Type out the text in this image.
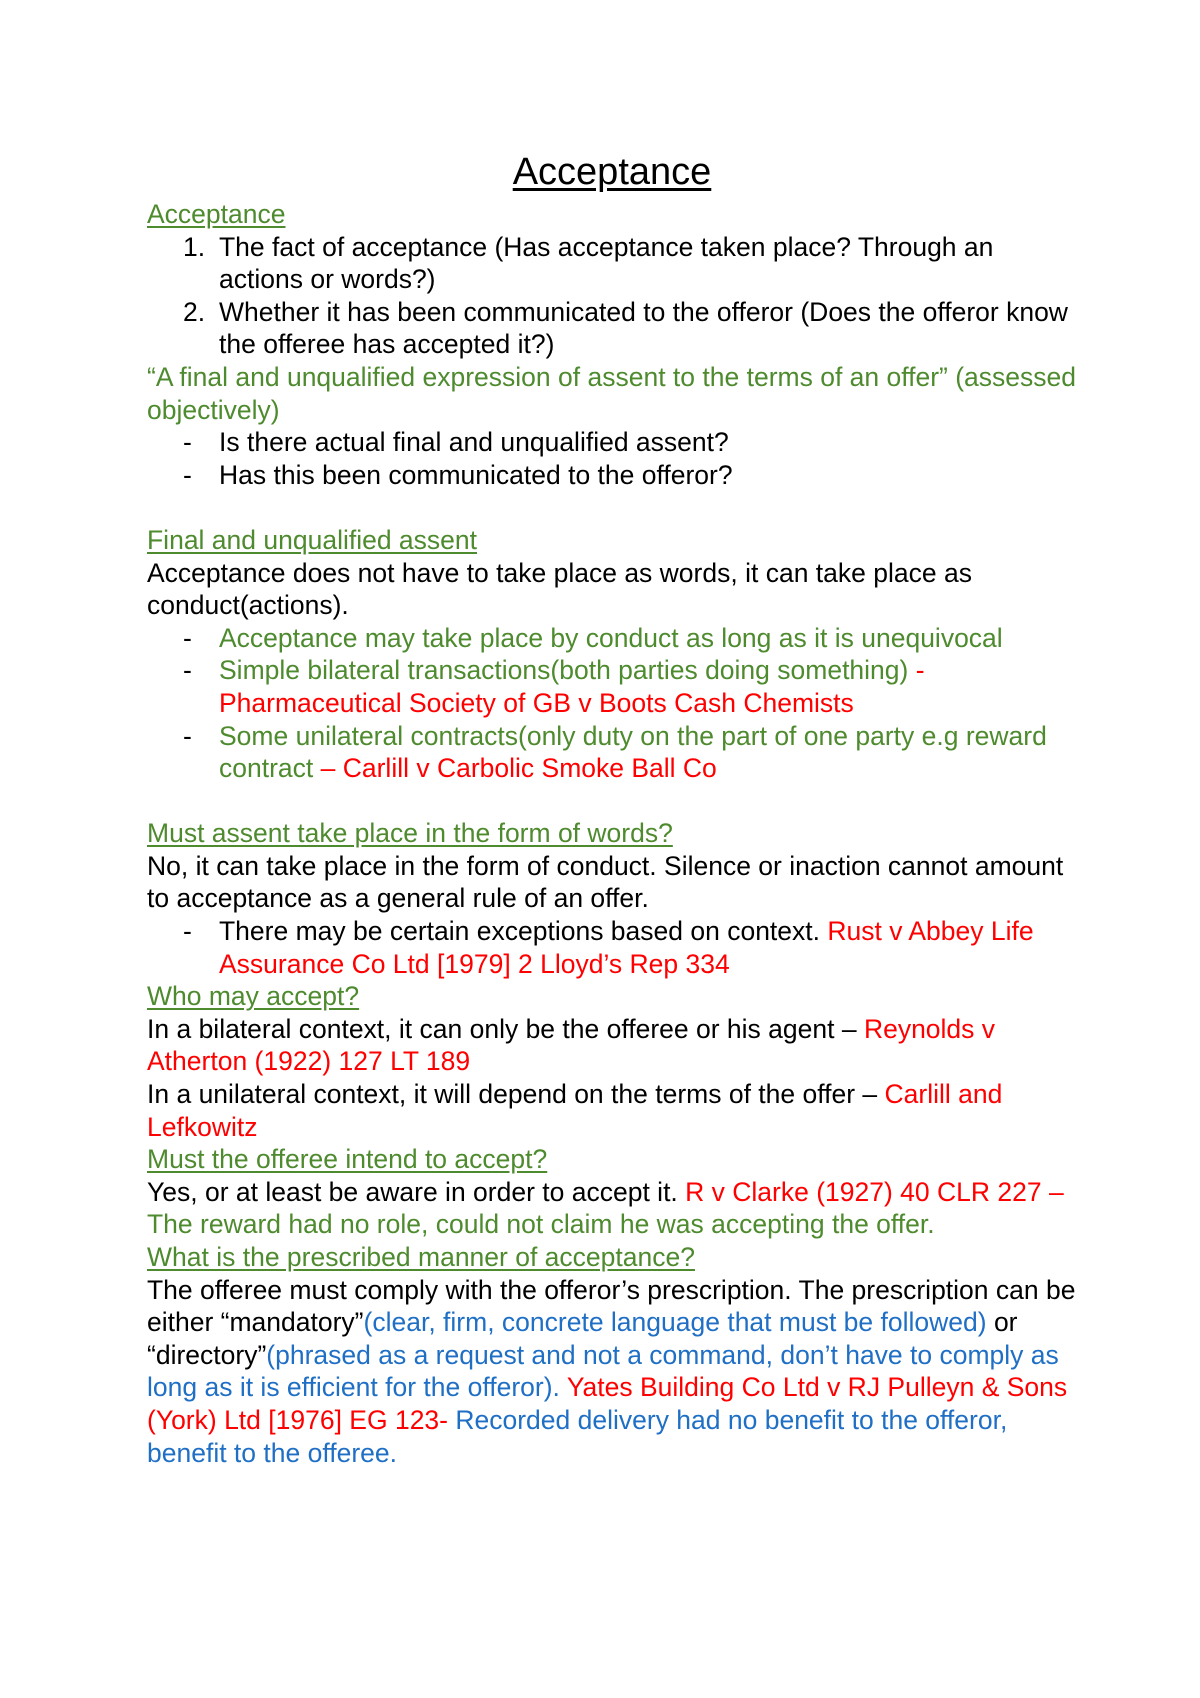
Acceptance

Acceptance

1. The fact of acceptance (Has acceptance taken place? Through an actions or words?)
2. Whether it has been communicated to the offeror (Does the offeror know the offeree has accepted it?)

“A final and unqualified expression of assent to the terms of an offer” (assessed objectively)

- Is there actual final and unqualified assent?
- Has this been communicated to the offeror?

Final and unqualified assent

Acceptance does not have to take place as words, it can take place as conduct(actions).

- Acceptance may take place by conduct as long as it is unequivocal
- Simple bilateral transactions(both parties doing something) - Pharmaceutical Society of GB v Boots Cash Chemists
- Some unilateral contracts(only duty on the part of one party e.g reward contract – Carlill v Carbolic Smoke Ball Co

Must assent take place in the form of words?

No, it can take place in the form of conduct. Silence or inaction cannot amount to acceptance as a general rule of an offer.

- There may be certain exceptions based on context. Rust v Abbey Life Assurance Co Ltd [1979] 2 Lloyd’s Rep 334

Who may accept?

In a bilateral context, it can only be the offeree or his agent – Reynolds v Atherton (1922) 127 LT 189

In a unilateral context, it will depend on the terms of the offer – Carlill and Lefkowitz

Must the offeree intend to accept?

Yes, or at least be aware in order to accept it. R v Clarke (1927) 40 CLR 227 – The reward had no role, could not claim he was accepting the offer.

What is the prescribed manner of acceptance?

The offeree must comply with the offeror’s prescription. The prescription can be either “mandatory”(clear, firm, concrete language that must be followed) or “directory”(phrased as a request and not a command, don’t have to comply as long as it is efficient for the offeror). Yates Building Co Ltd v RJ Pulleyn & Sons (York) Ltd [1976] EG 123- Recorded delivery had no benefit to the offeror, benefit to the offeree.
